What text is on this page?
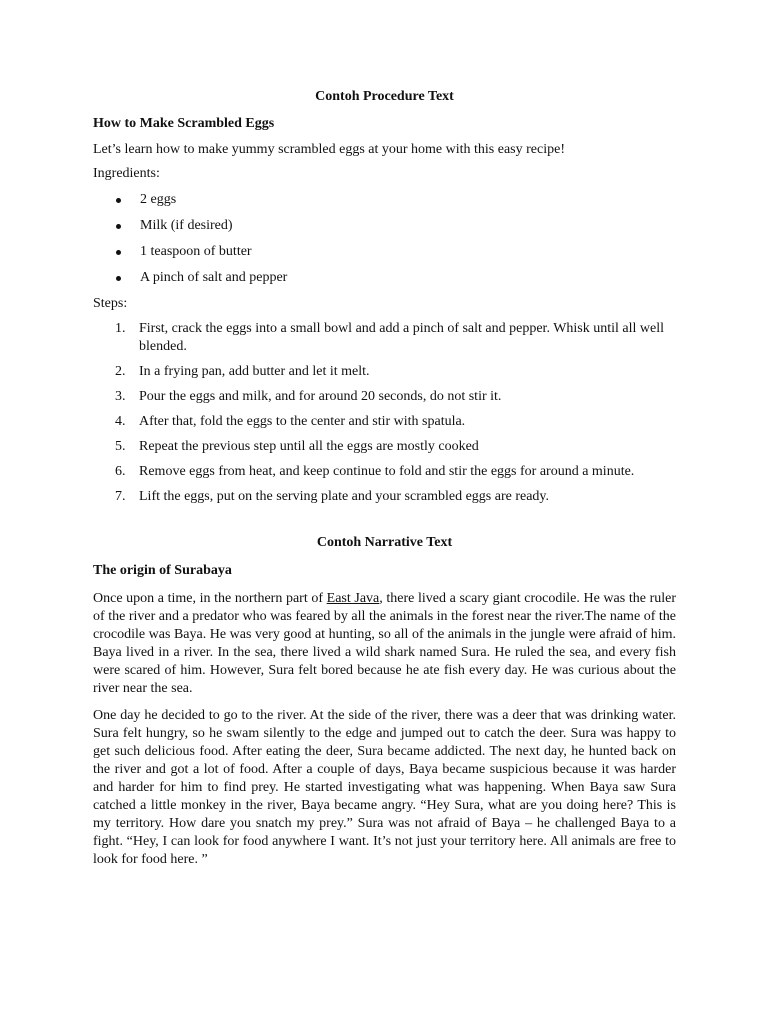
Contoh Procedure Text

How to Make Scrambled Eggs

Let’s learn how to make yummy scrambled eggs at your home with this easy recipe!

Ingredients:

2 eggs
Milk (if desired)
1 teaspoon of butter
A pinch of salt and pepper

Steps:

1. First, crack the eggs into a small bowl and add a pinch of salt and pepper. Whisk until all well blended.
2. In a frying pan, add butter and let it melt.
3. Pour the eggs and milk, and for around 20 seconds, do not stir it.
4. After that, fold the eggs to the center and stir with spatula.
5. Repeat the previous step until all the eggs are mostly cooked
6. Remove eggs from heat, and keep continue to fold and stir the eggs for around a minute.
7. Lift the eggs, put on the serving plate and your scrambled eggs are ready.

Contoh Narrative Text

The origin of Surabaya

Once upon a time, in the northern part of East Java, there lived a scary giant crocodile. He was the ruler of the river and a predator who was feared by all the animals in the forest near the river.The name of the crocodile was Baya. He was very good at hunting, so all of the animals in the jungle were afraid of him. Baya lived in a river. In the sea, there lived a wild shark named Sura. He ruled the sea, and every fish were scared of him. However, Sura felt bored because he ate fish every day. He was curious about the river near the sea.

One day he decided to go to the river. At the side of the river, there was a deer that was drinking water. Sura felt hungry, so he swam silently to the edge and jumped out to catch the deer. Sura was happy to get such delicious food. After eating the deer, Sura became addicted. The next day, he hunted back on the river and got a lot of food. After a couple of days, Baya became suspicious because it was harder and harder for him to find prey. He started investigating what was happening. When Baya saw Sura catched a little monkey in the river, Baya became angry. “Hey Sura, what are you doing here? This is my territory. How dare you snatch my prey.” Sura was not afraid of Baya – he challenged Baya to a fight. “Hey, I can look for food anywhere I want. It’s not just your territory here. All animals are free to look for food here. ”
